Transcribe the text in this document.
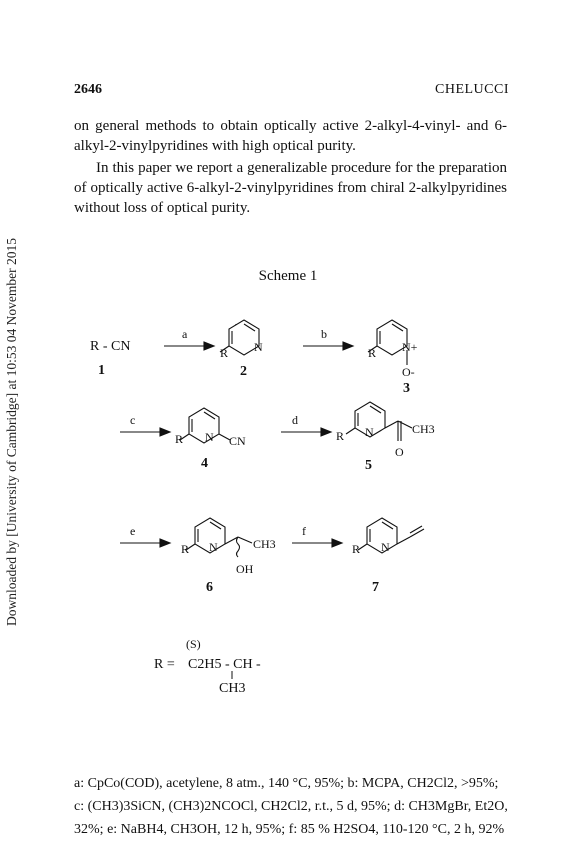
Downloaded by [University of Cambridge] at 10:53 04 November 2015
2646	CHELUCCI
on general methods to obtain optically active 2-alkyl-4-vinyl- and 6-alkyl-2-vinylpyridines with high optical purity.
In this paper we report a generalizable procedure for the preparation of optically active 6-alkyl-2-vinylpyridines from chiral 2-alkylpyridines without loss of optical purity.
Scheme 1
R - CN
1
a
R N
2
b
R N+
O-
3
c
R N CN
4
d
R N	CH3
O
5
e
R N	CH3
OH
6
f
R N
7
(S)
R = C2H5 - CH -
CH3
a: CpCo(COD), acetylene, 8 atm., 140 °C, 95%; b: MCPA, CH2Cl2, >95%;
c: (CH3)3SiCN, (CH3)2NCOCl, CH2Cl2, r.t., 5 d, 95%; d: CH3MgBr, Et2O,
32%; e: NaBH4, CH3OH, 12 h, 95%; f: 85 % H2SO4, 110-120 °C, 2 h, 92%
